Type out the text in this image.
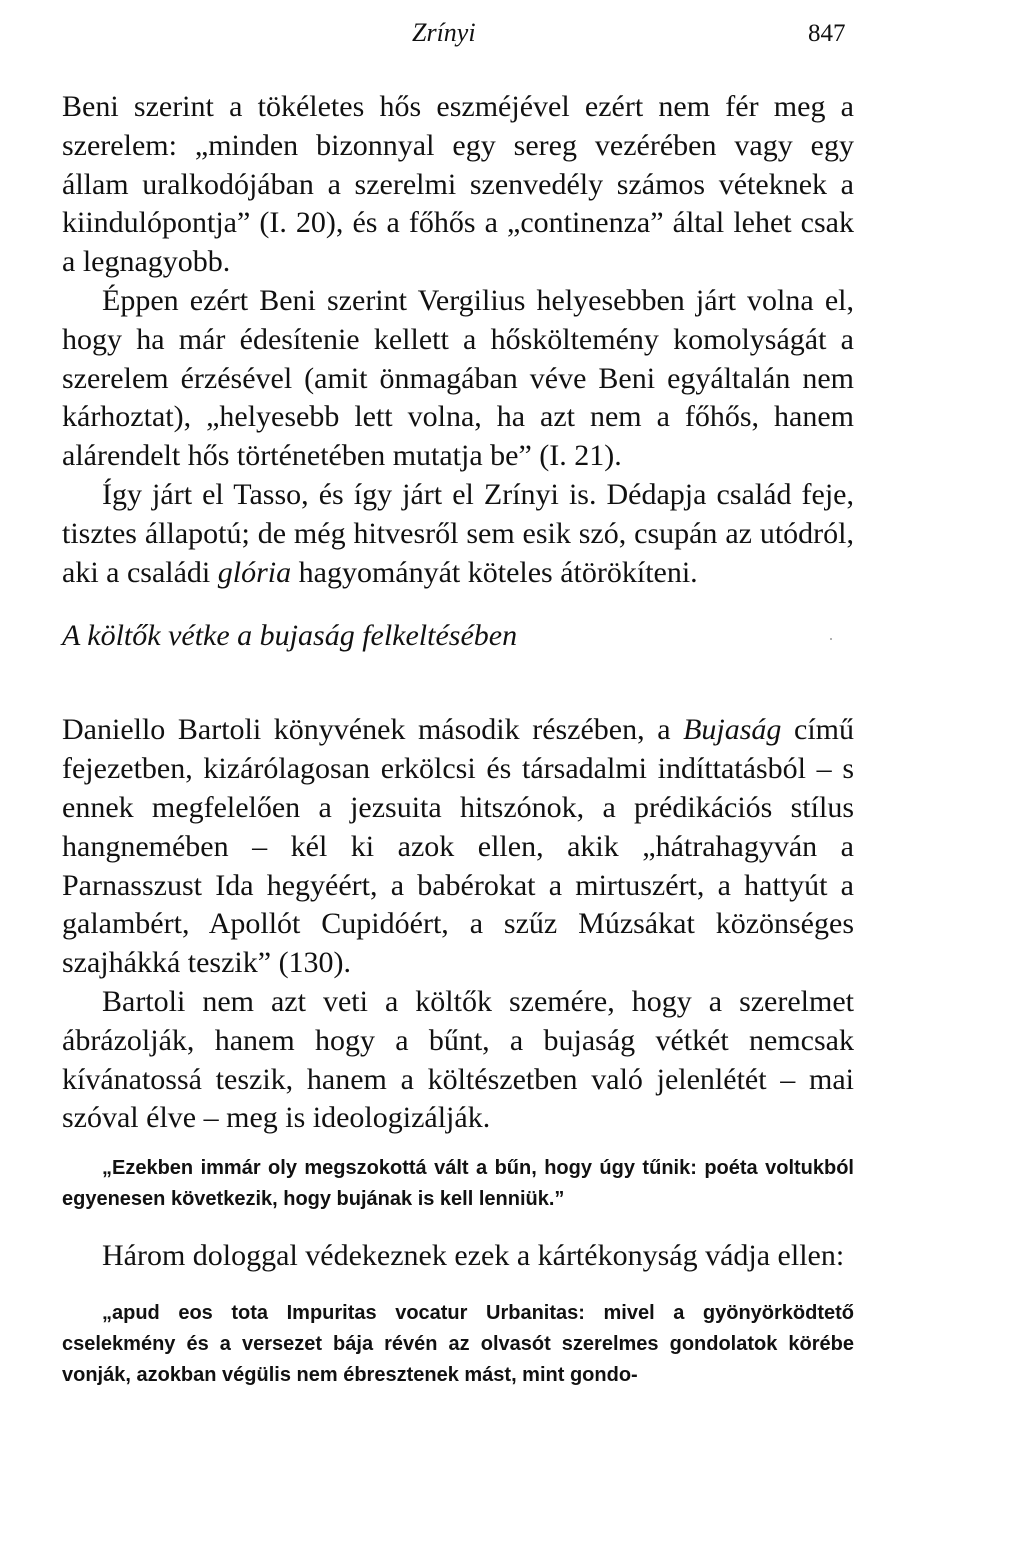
Zrínyi	847

Beni szerint a tökéletes hős eszméjével ezért nem fér meg a szerelem: „minden bizonnyal egy sereg vezérében vagy egy állam uralkodójában a szerelmi szenvedély számos véteknek a kiindulópontja” (I. 20), és a főhős a „continenza” által lehet csak a legnagyobb.

Éppen ezért Beni szerint Vergilius helyesebben járt volna el, hogy ha már édesítenie kellett a hősköltemény komolyságát a szerelem érzésével (amit önmagában véve Beni egyáltalán nem kárhoztat), „helyesebb lett volna, ha azt nem a főhős, hanem alárendelt hős történetében mutatja be” (I. 21).

Így járt el Tasso, és így járt el Zrínyi is. Dédapja család feje, tisztes állapotú; de még hitvesről sem esik szó, csupán az utódról, aki a családi glória hagyományát köteles átörökíteni.

A költők vétke a bujaság felkeltésében

Daniello Bartoli könyvének második részében, a Bujaság című fejezetben, kizárólagosan erkölcsi és társadalmi indíttatásból – s ennek megfelelően a jezsuita hitszónok, a prédikációs stílus hangnemében – kél ki azok ellen, akik „hátrahagyván a Parnasszust Ida hegyéért, a babérokat a mirtuszért, a hattyút a galambért, Apollót Cupidóért, a szűz Múzsákat közönséges szajhákká teszik” (130).

Bartoli nem azt veti a költők szemére, hogy a szerelmet ábrázolják, hanem hogy a bűnt, a bujaság vétkét nemcsak kívánatossá teszik, hanem a költészetben való jelenlétét – mai szóval élve – meg is ideologizálják.

„Ezekben immár oly megszokottá vált a bűn, hogy úgy tűnik: poéta voltukból egyenesen következik, hogy bujának is kell lenniük.”

Három dologgal védekeznek ezek a kártékonyság vádja ellen:

„apud eos tota Impuritas vocatur Urbanitas: mivel a gyönyörködtető cselekmény és a versezet bája révén az olvasót szerelmes gondolatok körébe vonják, azokban végülis nem ébresztenek mást, mint gondo-
